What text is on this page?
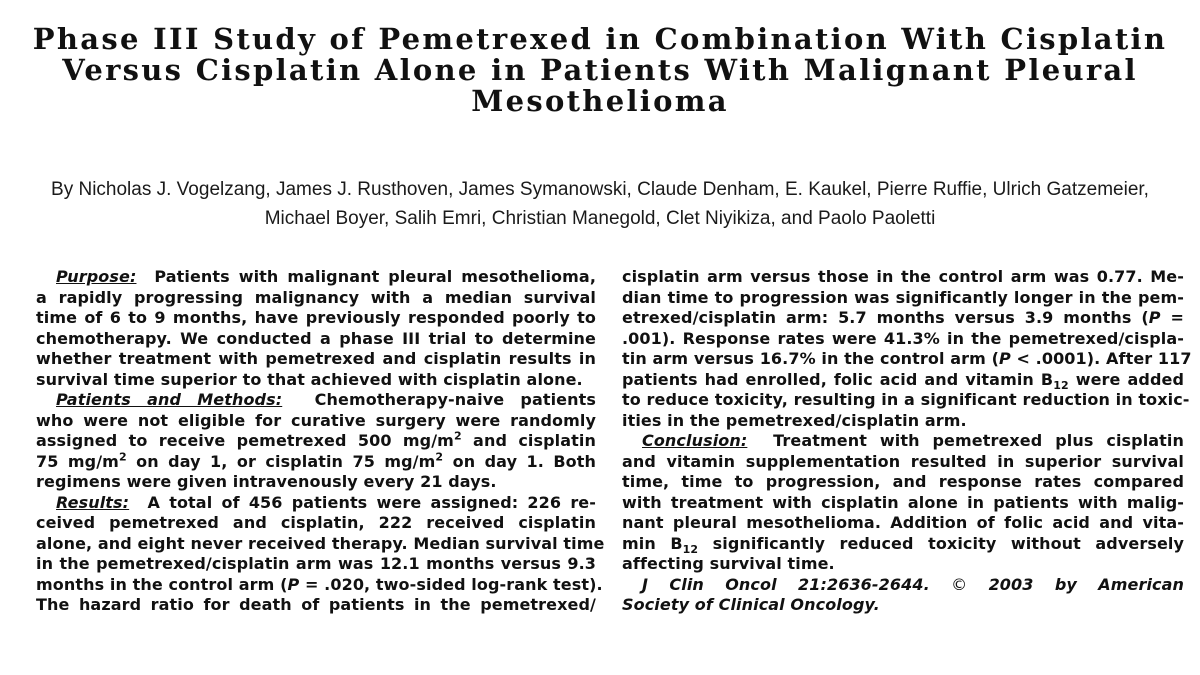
Phase III Study of Pemetrexed in Combination With Cisplatin
Versus Cisplatin Alone in Patients With Malignant Pleural
Mesothelioma
By Nicholas J. Vogelzang, James J. Rusthoven, James Symanowski, Claude Denham, E. Kaukel, Pierre Ruffie, Ulrich Gatzemeier,
Michael Boyer, Salih Emri, Christian Manegold, Clet Niyikiza, and Paolo Paoletti
Purpose: Patients with malignant pleural mesothelioma,
a rapidly progressing malignancy with a median survival
time of 6 to 9 months, have previously responded poorly to
chemotherapy. We conducted a phase III trial to determine
whether treatment with pemetrexed and cisplatin results in
survival time superior to that achieved with cisplatin alone.
Patients and Methods: Chemotherapy-naive patients
who were not eligible for curative surgery were randomly
assigned to receive pemetrexed 500 $mg/m^2$ and cisplatin
75 $mg/m^2$ on day 1, or cisplatin 75 $mg/m^2$ on day 1. Both
regimens were given intravenously every 21 days.
Results: A total of 456 patients were assigned: 226 re-
ceived pemetrexed and cisplatin, 222 received cisplatin
alone, and eight never received therapy. Median survival time
in the pemetrexed/cisplatin arm was 12.1 months versus 9.3
months in the control arm (P = .020, two-sided log-rank test).
The hazard ratio for death of patients in the pemetrexed/
cisplatin arm versus those in the control arm was 0.77. Me-
dian time to progression was significantly longer in the pem-
etrexed/cisplatin arm: 5.7 months versus 3.9 months (P =
.001). Response rates were 41.3% in the pemetrexed/cispla-
tin arm versus 16.7% in the control arm (P < .0001). After 117
patients had enrolled, folic acid and vitamin $B_{12}$ were added
to reduce toxicity, resulting in a significant reduction in toxic-
ities in the pemetrexed/cisplatin arm.
Conclusion: Treatment with pemetrexed plus cisplatin
and vitamin supplementation resulted in superior survival
time, time to progression, and response rates compared
with treatment with cisplatin alone in patients with malig-
nant pleural mesothelioma. Addition of folic acid and vita-
$\min B_{12}$ significantly reduced toxicity without adversely
affecting survival time.
J Clin Oncol 21:2636-2644. © 2003 by American
Society of Clinical Oncology.
